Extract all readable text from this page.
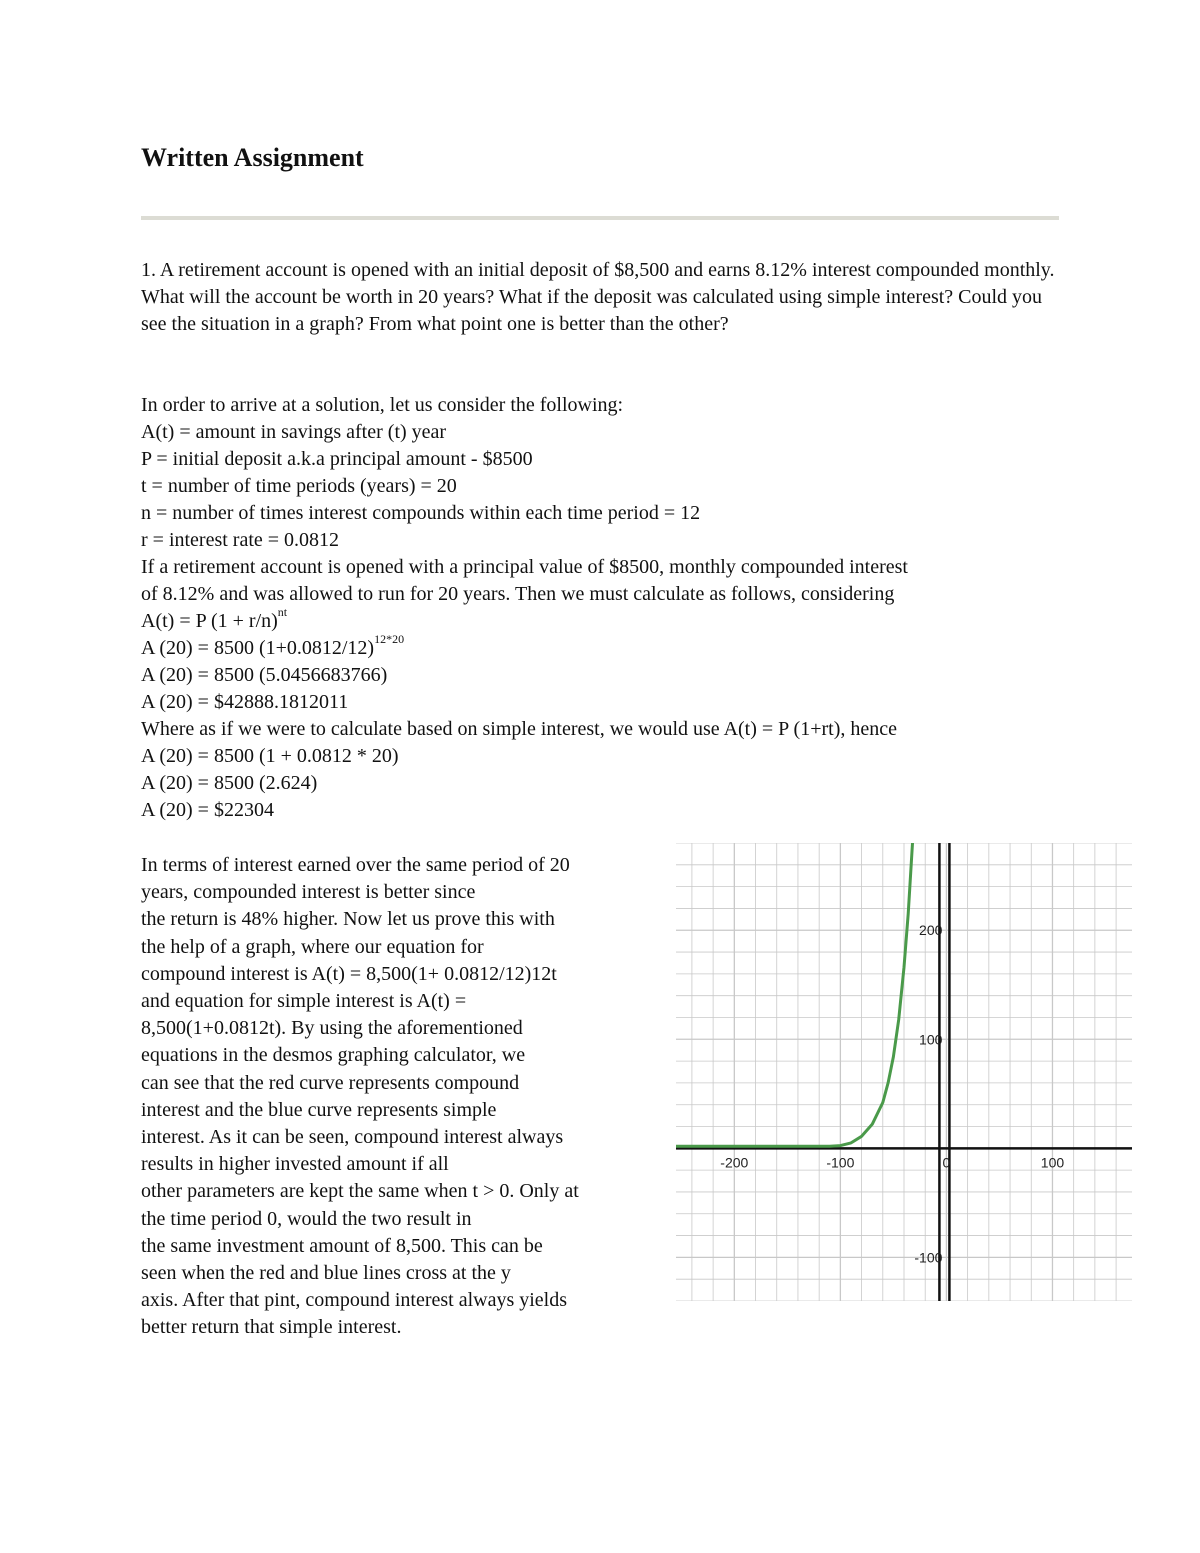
Written Assignment

1. A retirement account is opened with an initial deposit of $8,500 and earns 8.12% interest compounded monthly. What will the account be worth in 20 years? What if the deposit was calculated using simple interest? Could you see the situation in a graph? From what point one is better than the other?

In order to arrive at a solution, let us consider the following:
A(t) = amount in savings after (t) year
P = initial deposit a.k.a principal amount - $8500
t = number of time periods (years) = 20
n = number of times interest compounds within each time period = 12
r = interest rate = 0.0812
If a retirement account is opened with a principal value of $8500, monthly compounded interest
of 8.12% and was allowed to run for 20 years. Then we must calculate as follows, considering
A(t) = P $(1 + r/n)^{nt}$
A (20) = 8500 $(1+0.0812/12)^{12*20}$
A (20) = 8500 (5.0456683766)
A (20) = $42888.1812011
Where as if we were to calculate based on simple interest, we would use A(t) = P (1+rt), hence
A (20) = 8500 (1 + 0.0812 * 20)
A (20) = 8500 (2.624)
A (20) = $22304
In terms of interest earned over the same period of 20
years, compounded interest is better since
the return is 48% higher. Now let us prove this with
the help of a graph, where our equation for
compound interest is A(t) = 8,500(1+ 0.0812/12)12t
and equation for simple interest is A(t) =
8,500(1+0.0812t). By using the aforementioned
equations in the desmos graphing calculator, we
can see that the red curve represents compound
interest and the blue curve represents simple
interest. As it can be seen, compound interest always
results in higher invested amount if all
other parameters are kept the same when t > 0. Only at
the time period 0, would the two result in
the same investment amount of 8,500. This can be
seen when the red and blue lines cross at the y
axis. After that pint, compound interest always yields
better return that simple interest.
-200	-100	0	100
200
100
-100
